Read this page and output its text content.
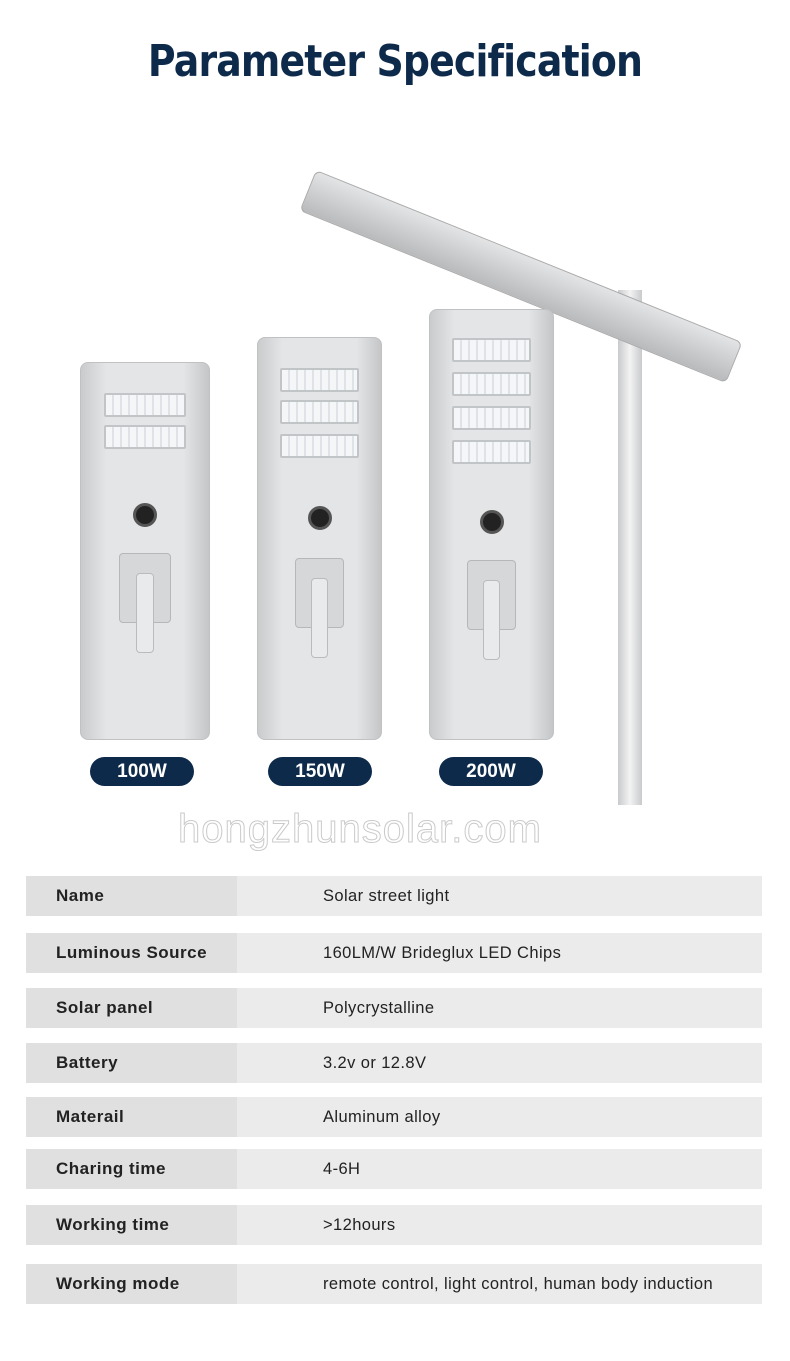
Parameter Specification
100W	150W	200W
hongzhunsolar.com
Name	Solar street light
Luminous Source	160LM/W Brideglux LED Chips
Solar panel	Polycrystalline
Battery	3.2v or 12.8V
Materail	Aluminum alloy
Charing time	4-6H
Working time	>12hours
Working mode	remote control, light control, human body induction
